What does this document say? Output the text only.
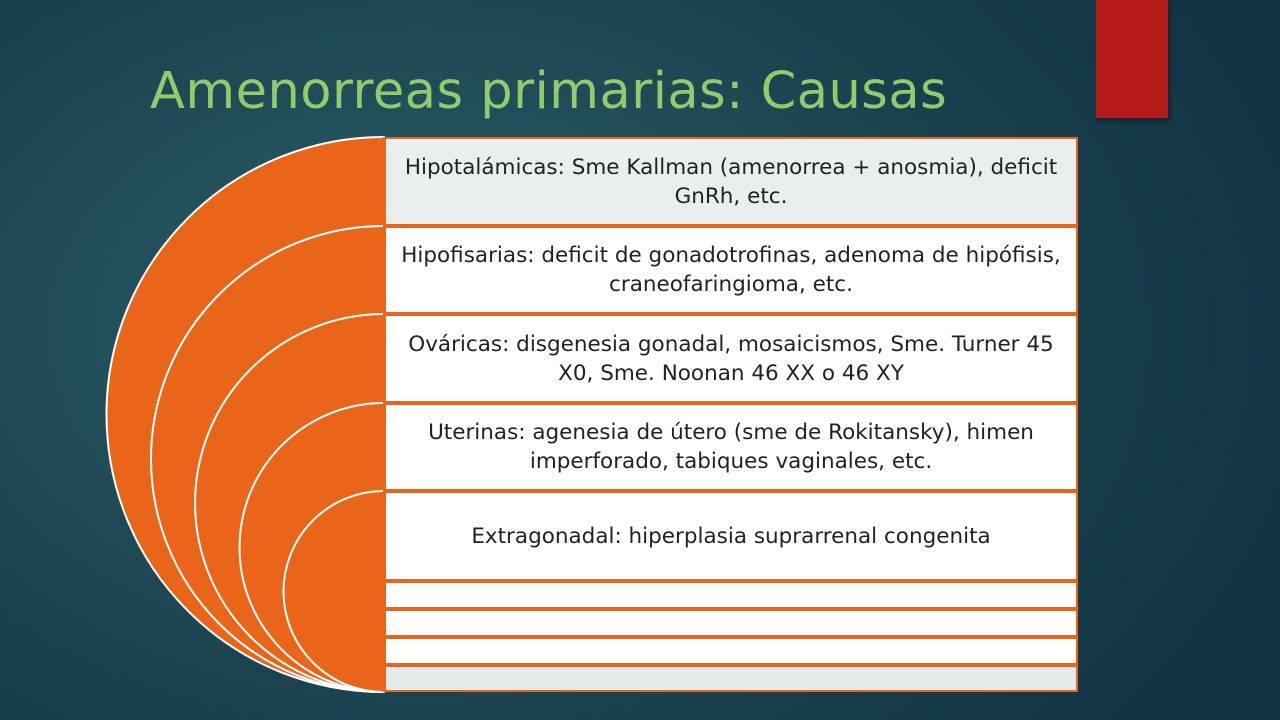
Amenorreas primarias: Causas
Hipotalámicas: Sme Kallman (amenorrea + anosmia), deficit GnRh, etc.
Hipofisarias: deficit de gonadotrofinas, adenoma de hipófisis, craneofaringioma, etc.
Ováricas: disgenesia gonadal, mosaicismos, Sme. Turner 45 X0, Sme. Noonan 46 XX o 46 XY
Uterinas: agenesia de útero (sme de Rokitansky), himen imperforado, tabiques vaginales, etc.
Extragonadal: hiperplasia suprarrenal congenita
